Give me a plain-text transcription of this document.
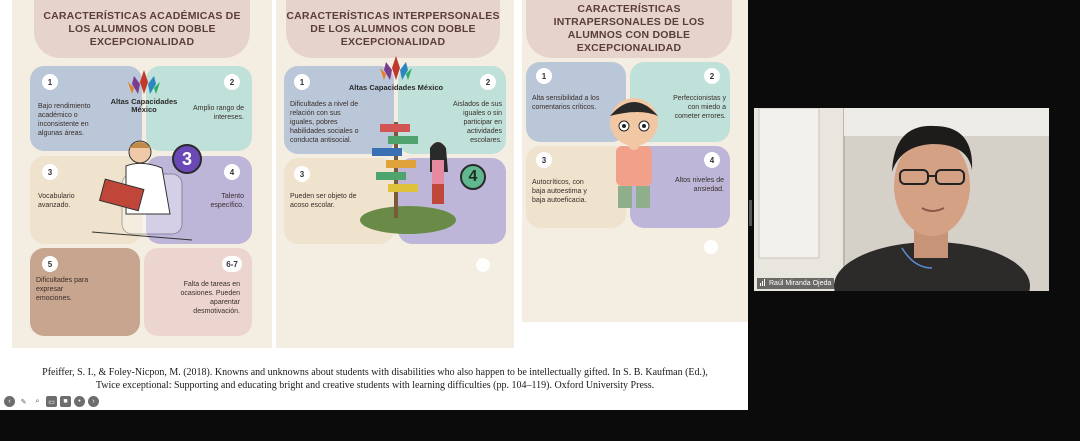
CARACTERÍSTICAS ACADÉMICAS DE LOS ALUMNOS CON DOBLE EXCEPCIONALIDAD
1
Bajo rendimiento académico o inconsistente en algunas áreas.
2
Amplio rango de intereses.
Altas Capacidades México
3
Vocabulario avanzado.
4
Talento específico.
3
5
Dificultades para expresar emociones.
6-7
Falta de tareas en ocasiones. Pueden aparentar desmotivación.
CARACTERÍSTICAS INTERPERSONALES DE LOS ALUMNOS CON DOBLE EXCEPCIONALIDAD
1
Dificultades a nivel de relación con sus iguales, pobres habilidades sociales o conducta antisocial.
2
Aislados de sus iguales o sin participar en actividades escolares.
Altas Capacidades México
3
Pueden ser objeto de acoso escolar.
4
CARACTERÍSTICAS INTRAPERSONALES DE LOS ALUMNOS CON DOBLE EXCEPCIONALIDAD
1
Alta sensibilidad a los comentarios críticos.
2
Perfeccionistas y con miedo a cometer errores.
3
Autocríticos, con baja autoestima y baja autoeficacia.
4
Altos niveles de ansiedad.
Pfeiffer, S. I., & Foley-Nicpon, M. (2018). Knowns and unknowns about students with disabilities who also happen to be intellectually gifted. In S. B. Kaufman (Ed.), Twice exceptional: Supporting and educating bright and creative students with learning difficulties (pp. 104–119). Oxford University Press.
‹	✎	⌕	▭	■	•	›
Raúl Miranda Ojeda
